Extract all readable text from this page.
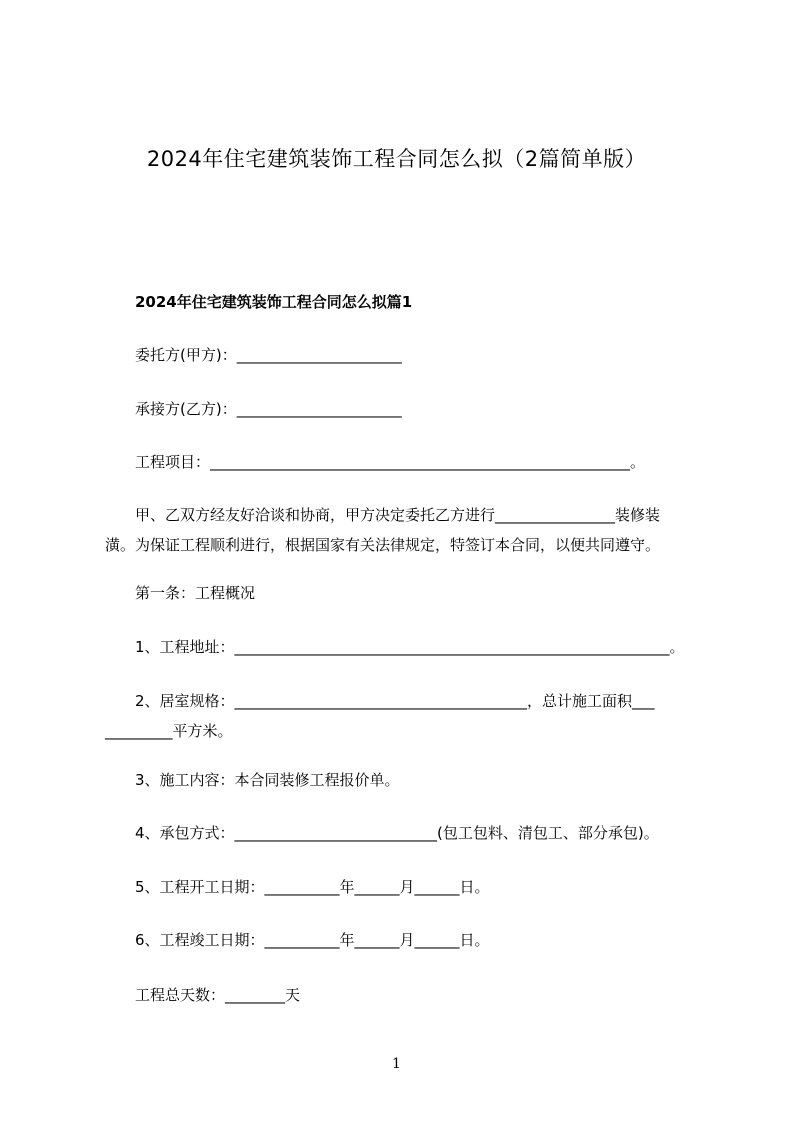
2024年住宅建筑装饰工程合同怎么拟（2篇简单版）
2024年住宅建筑装饰工程合同怎么拟篇1
委托方(甲方)：______________________
承接方(乙方)：______________________
工程项目：________________________________________________________。
甲、乙双方经友好洽谈和协商，甲方决定委托乙方进行________________装修装
潢。为保证工程顺利进行，根据国家有关法律规定，特签订本合同，以便共同遵守。
第一条：工程概况
1、工程地址：__________________________________________________________。
2、居室规格：_______________________________________，总计施工面积___
_________平方米。
3、施工内容：本合同装修工程报价单。
4、承包方式：___________________________(包工包料、清包工、部分承包)。
5、工程开工日期：__________年______月______日。
6、工程竣工日期：__________年______月______日。
工程总天数：________天
1
